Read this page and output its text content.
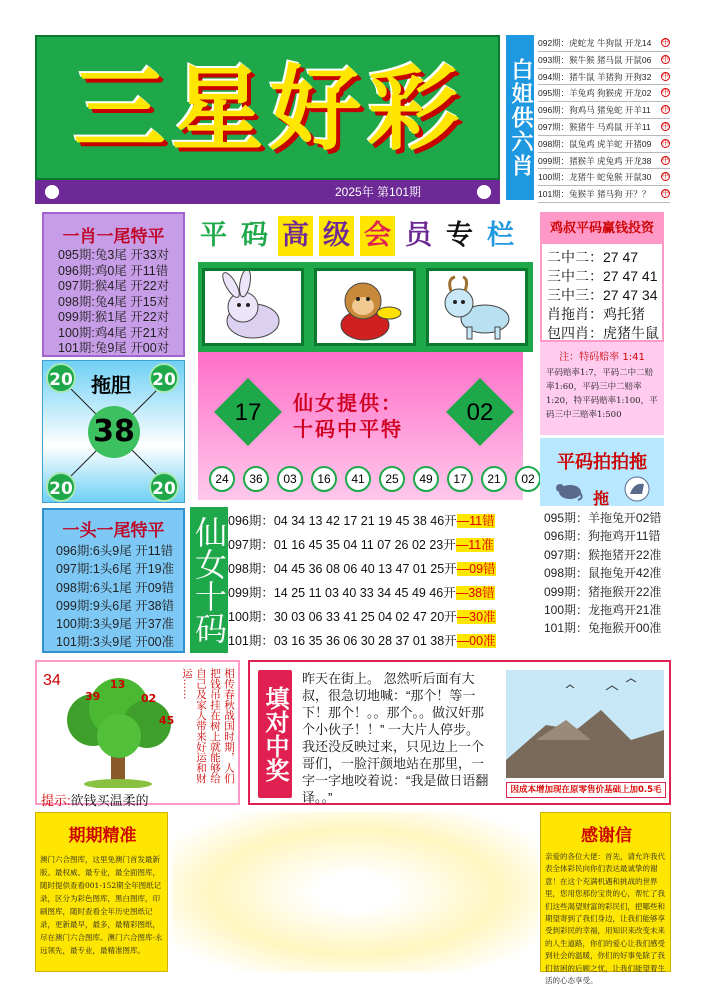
三星好彩
2025年 第101期
白姐供六肖
092期：虎蛇龙 牛狗鼠 开龙14 中
093期：猴牛猴 猪马鼠 开鼠06 中
094期：猪牛鼠 羊猪狗 开狗32 中
095期：羊兔鸡 狗猴虎 开龙02 中
096期：狗鸡马 猪兔蛇 开羊11 中
097期：猴猪牛 马鸡鼠 开羊11 中
098期：鼠兔鸡 虎羊蛇 开猪09 中
099期：猪猴羊 虎兔鸡 开龙38 中
100期：龙猪牛 蛇兔猴 开鼠30 中
101期：兔猴羊 猪马狗 开？？ 中
一肖一尾特平
095期:兔3尾 开33对
096期:鸡0尾 开11错
097期:猴4尾 开22对
098期:兔4尾 开15对
099期:猴1尾 开22对
100期:鸡4尾 开21对
101期:兔9尾 开00对
20	20
20	20
拖胆
38
一头一尾特平
096期:6头9尾 开11错
097期:1头6尾 开19准
098期:6头1尾 开09错
099期:9头6尾 开38错
100期:3头9尾 开37准
101期:3头9尾 开00准
平 码 高 级 会 员 专 栏
17	02
仙女提供：
十码中平特
24	36	03	16	41	25	49	17	21	02
仙女十码 096期：04 34 13 42 17 21 19 45 38 46开—11错
097期：01 16 45 35 04 11 07 26 02 23开—11准
098期：04 45 36 08 06 40 13 47 01 25开—09错
099期：14 25 11 03 40 33 34 45 49 46开—38错
100期：30 03 06 33 41 25 04 02 47 20开—30准
101期：03 16 35 36 06 30 28 37 01 38开—00准
鸡叔平码赢钱投资
二中二：27 47
三中二：27 47 41
三中三：27 47 34
肖拖肖：鸡托猪
包四肖：虎猪牛鼠
注：特码赔率 1:41
平码赔率1:7，平码二中二赔率1:60，平码三中二赔率1:20，特平码赔率1:100，平码三中三赔率1:500
平码拍拍拖
拖
095期：羊拖兔开02错
096期：狗拖鸡开11错
097期：猴拖猪开22准
098期：鼠拖兔开42准
099期：猪拖猴开22准
100期：龙拖鸡开21准
101期：兔拖猴开00准
34
39
13
02
45
提示:欲钱买温柔的
相传春秋战国时期，人们把钱吊挂在树上就能够给自己及家人带来好运和财运……
填对中奖
昨天在街上。 忽然听后面有大叔，很急切地喊：“那个！等一下！那个！。。那个。。做汉奸那个小伙子！！” 一大片人停步。 我还没反映过来，只见边上一个哥们，一脸汗颜地站在那里，一字一字地咬着说：“我是做日语翻译。。”	因成本增加现在原零售价基础上加0.5毛
期期精准
澳门六合图库，这里免澳门首发最新版、最权威、最专业，最全面图库，随时提供查看001-152期全年图纸记录，区分为彩色图库，黑白图库，印刷图库，随时查看全年历史图纸记录，更新最早，最多，最精彩图纸，尽在澳门六合图库。澳门六合图库-永远领先，最专业，最精准图库。
感谢信
亲爱的各位大佬：首先，请允许我代表全体彩民向你们表达最诚挚的谢意！在这个充满机遇和挑战的世界里，您用您那份宝贵的心，帮忙了我们这些渴望财富的彩民们，把哪些和期望寄到了我们身边，让我们能够享受到彩民的幸福，用知识来改变未来的人生道路，你们的爱心让我们感受到社会的温暖，你们的好事免除了我们贫困的后顾之忧，让我们能望着生活的心态享受。
